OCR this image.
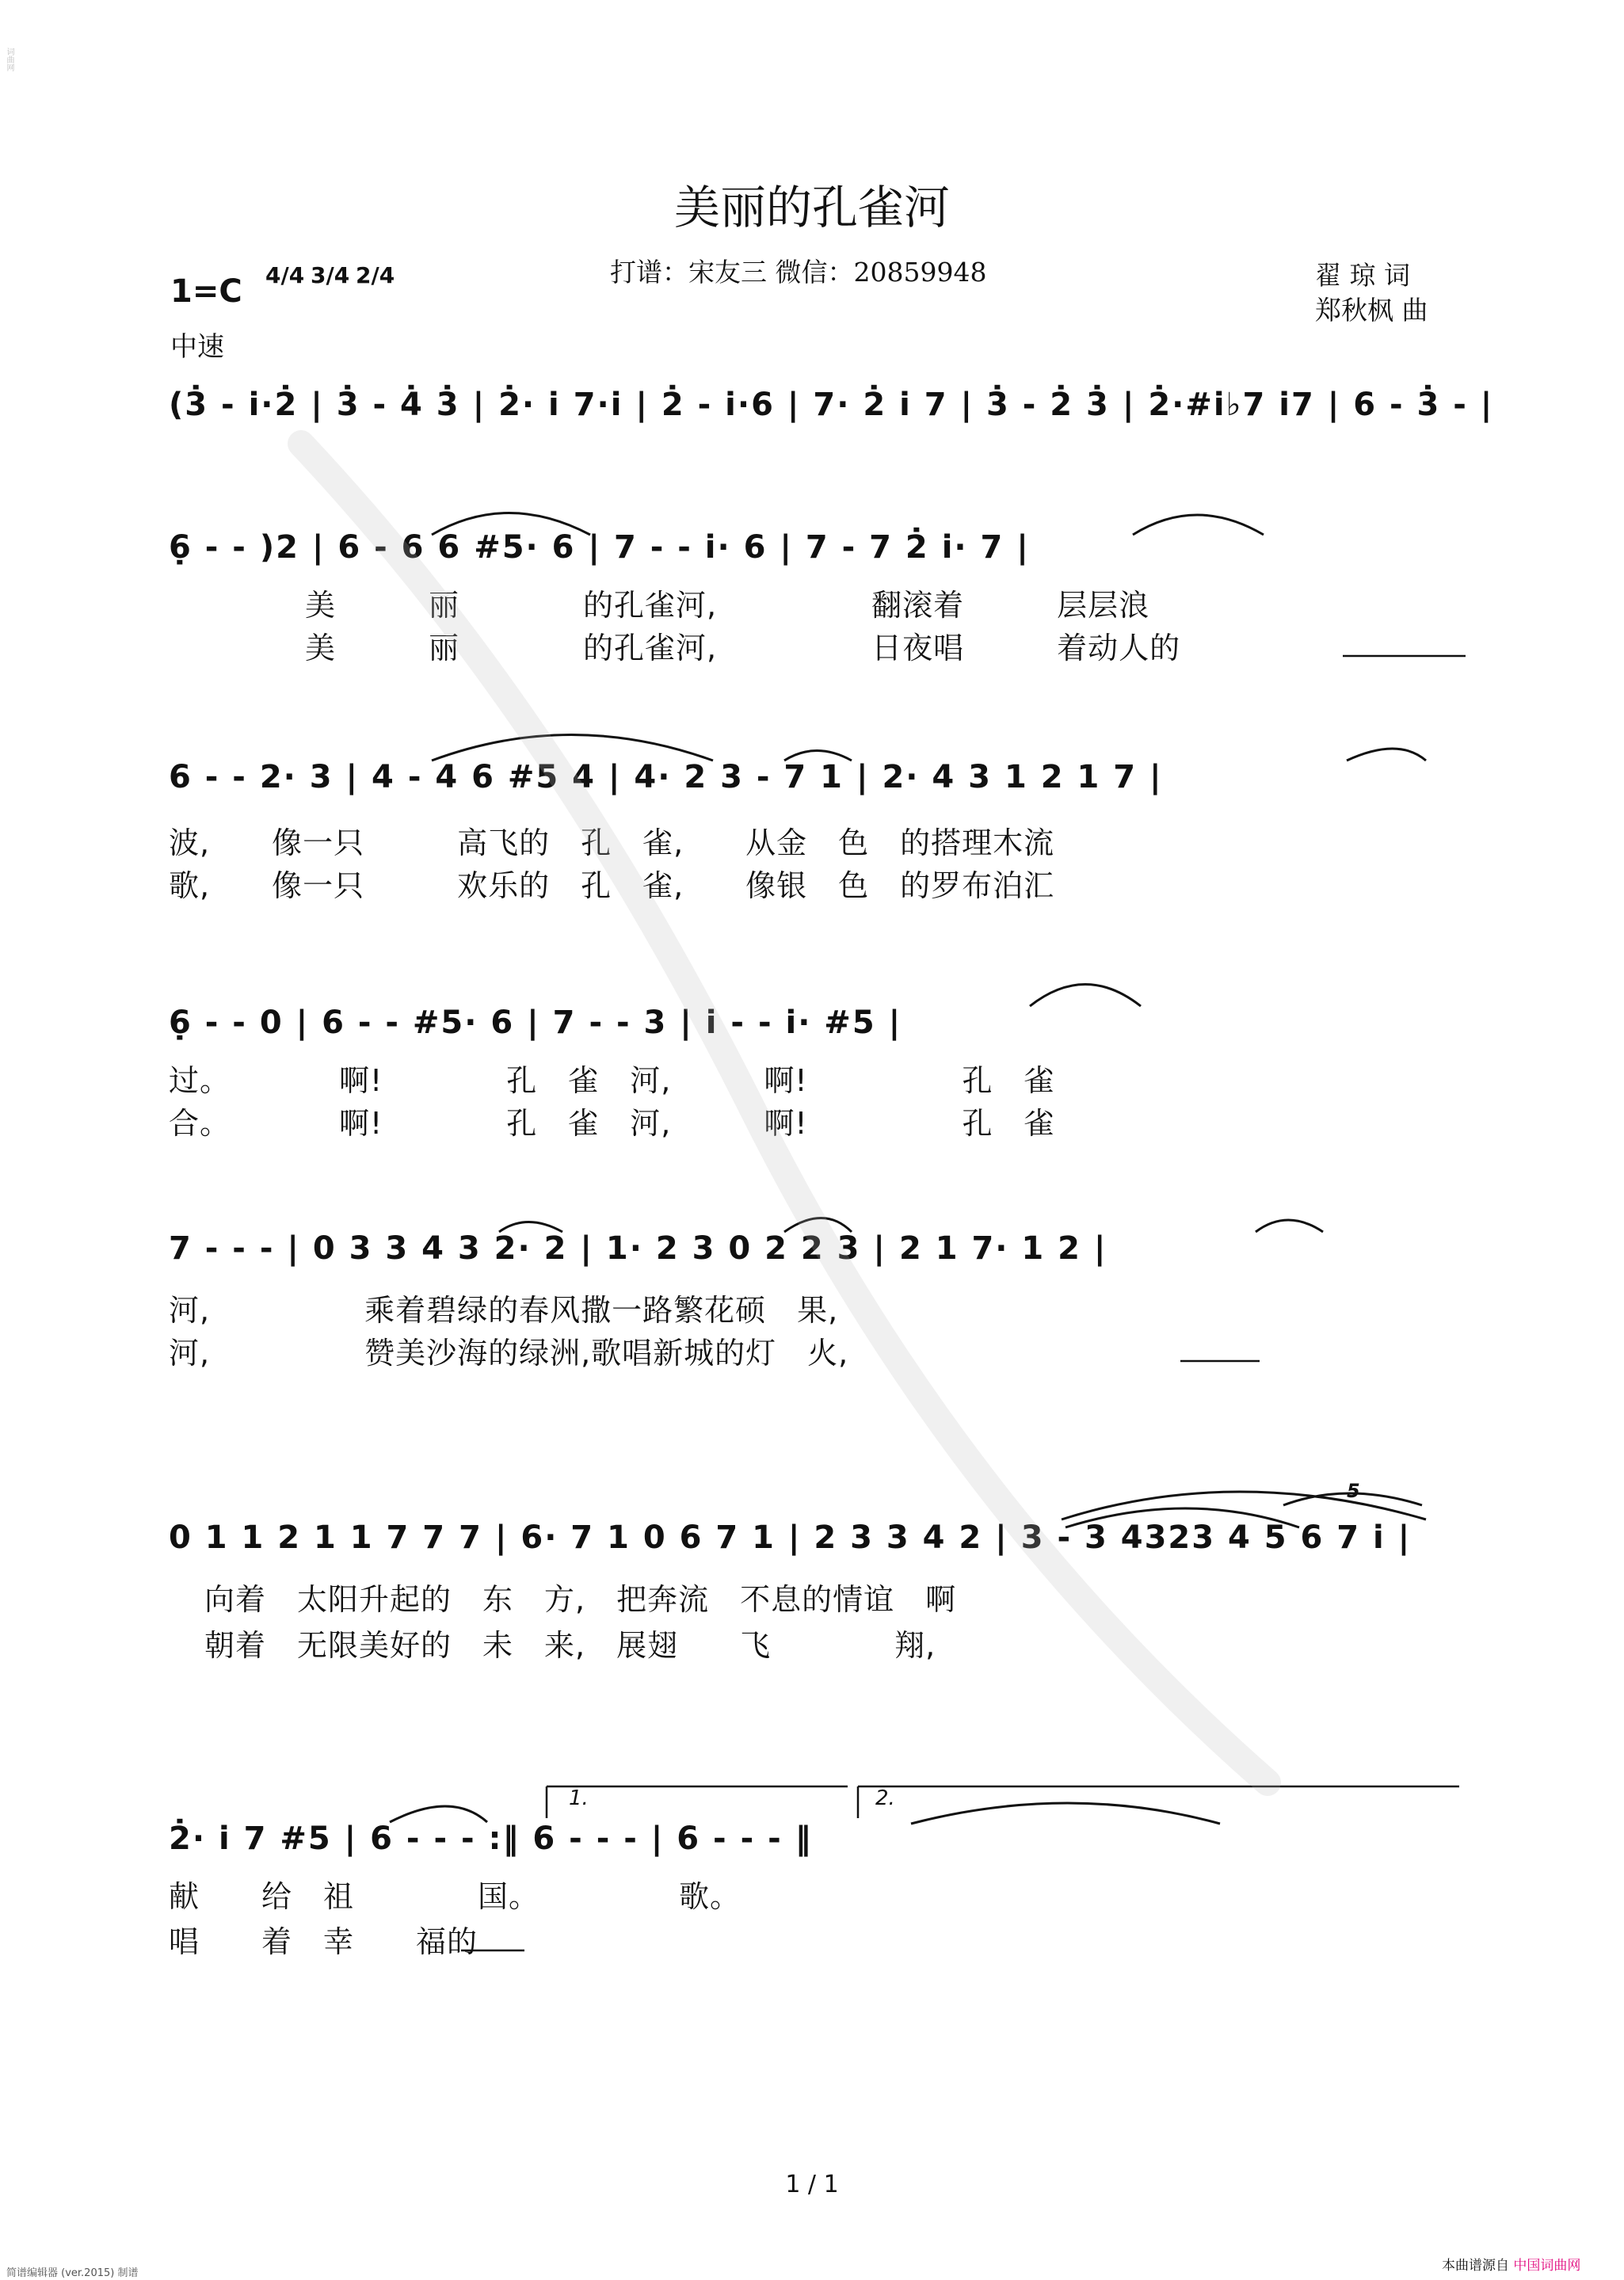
美丽的孔雀河
打谱：宋友三 微信：20859948	翟 琼 词
郑秋枫 曲
1=C 4/4 3/4 2/4
中速
(3̇ - i·2̇ | 3̇ - 4̇ 3̇ | 2̇· i 7·i | 2̇ - i·6 | 7· 2̇ i 7 | 3̇ - 2̇ 3̇ | 2̇·#i♭7 i7 | 6 - 3̇ - |
6̣ - - )2 | 6 - 6 6 #5· 6 | 7 - - i· 6 | 7 - 7 2̇ i· 7 |
美　　　丽　　　　的孔雀河,　　　　　翻滚着　　　层层浪
美　　　丽　　　　的孔雀河,　　　　　日夜唱　　　着动人的
6 - - 2· 3 | 4 - 4 6 #5 4 | 4· 2 3 - 7 1 | 2· 4 3 1 2 1 7 |
波,　　像一只　　　高飞的　孔　雀,　　从金　色　的搭理木流
歌,　　像一只　　　欢乐的　孔　雀,　　像银　色　的罗布泊汇
6̣ - - 0 | 6 - - #5· 6 | 7 - - 3 | i - - i· #5 |
过。　　　　啊!　　　　孔　雀　河,　　　啊!　　　　　孔　雀
合。　　　　啊!　　　　孔　雀　河,　　　啊!　　　　　孔　雀
7 - - - | 0 3 3 4 3 2· 2 | 1· 2 3 0 2 2 3 | 2 1 7· 1 2 |
河,　　　　　乘着碧绿的春风撒一路繁花硕　果,
河,　　　　　赞美沙海的绿洲,歌唱新城的灯　火,
0 1 1 2 1 1 7 7 7 | 6· 7 1 0 6 7 1 | 2 3 3 4 2 | 3 - 3 4323 4 5 6 7 i |
向着　太阳升起的　东　方,　把奔流　不息的情谊　啊
朝着　无限美好的　未　来,　展翅　　飞　　　　翔,
5
2̇· i 7 #5 | 6 - - - :‖ 6 - - - | 6 - - - ‖
献　　给　祖　　　　国。　　　　　歌。
唱　　着　幸　　福的
1.	2.
1 / 1
简谱编辑器 (ver.2015) 制谱	本曲谱源自 中国词曲网
词曲网
